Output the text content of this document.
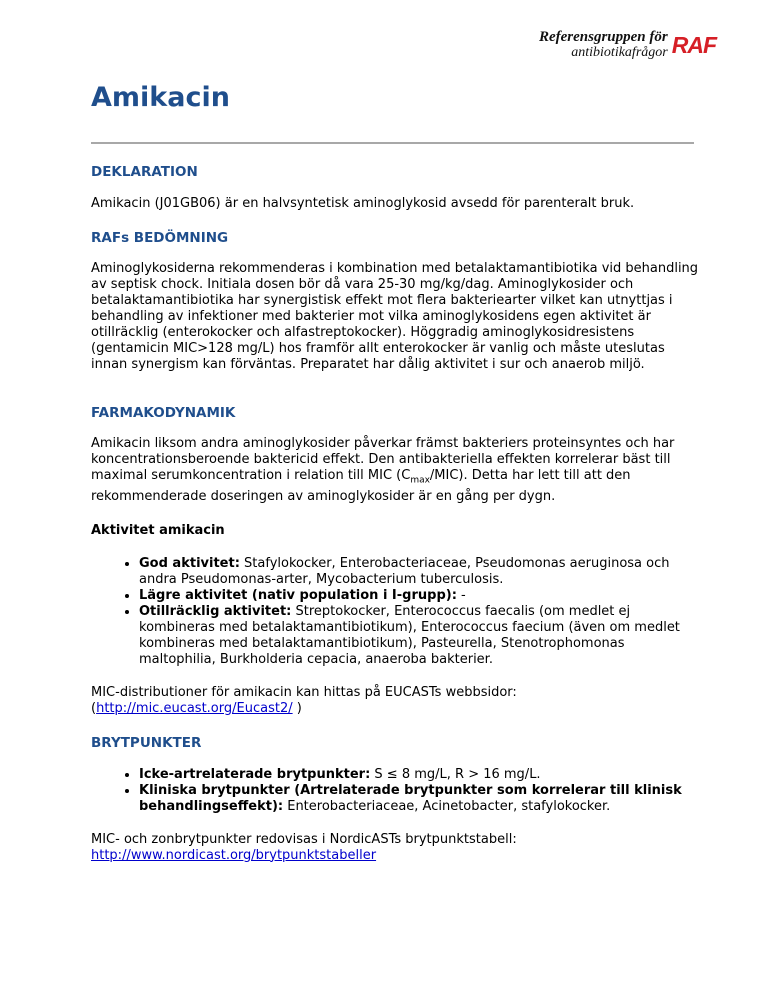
Referensgruppen för
antibiotikafrågor RAF
Amikacin
DEKLARATION

Amikacin (J01GB06) är en halvsyntetisk aminoglykosid avsedd för parenteralt bruk.

RAFs BEDÖMNING

Aminoglykosiderna rekommenderas i kombination med betalaktamantibiotika vid behandling av septisk chock. Initiala dosen bör då vara 25-30 mg/kg/dag. Aminoglykosider och betalaktamantibiotika har synergistisk effekt mot flera bakteriearter vilket kan utnyttjas i behandling av infektioner med bakterier mot vilka aminoglykosidens egen aktivitet är otillräcklig (enterokocker och alfastreptokocker). Höggradig aminoglykosidresistens (gentamicin MIC>128 mg/L) hos framför allt enterokocker är vanlig och måste uteslutas innan synergism kan förväntas. Preparatet har dålig aktivitet i sur och anaerob miljö.

FARMAKODYNAMIK

Amikacin liksom andra aminoglykosider påverkar främst bakteriers proteinsyntes och har koncentrationsberoende baktericid effekt. Den antibakteriella effekten korrelerar bäst till maximal serumkoncentration i relation till MIC $(C_{max}/MIC)$. Detta har lett till att den rekommenderade doseringen av aminoglykosider är en gång per dygn.

Aktivitet amikacin

• God aktivitet: Stafylokocker, Enterobacteriaceae, Pseudomonas aeruginosa och andra Pseudomonas-arter, Mycobacterium tuberculosis.
• Lägre aktivitet (nativ population i I-grupp): -
• Otillräcklig aktivitet: Streptokocker, Enterococcus faecalis (om medlet ej kombineras med betalaktamantibiotikum), Enterococcus faecium (även om medlet kombineras med betalaktamantibiotikum), Pasteurella, Stenotrophomonas maltophilia, Burkholderia cepacia, anaeroba bakterier.

MIC-distributioner för amikacin kan hittas på EUCASTs webbsidor:
(http://mic.eucast.org/Eucast2/ )

BRYTPUNKTER
• Icke-artrelaterade brytpunkter: S ≤ 8 mg/L, R > 16 mg/L.
• Kliniska brytpunkter (Artrelaterade brytpunkter som korrelerar till klinisk behandlingseffekt): Enterobacteriaceae, Acinetobacter, stafylokocker.

MIC- och zonbrytpunkter redovisas i NordicASTs brytpunktstabell:
http://www.nordicast.org/brytpunktstabeller
